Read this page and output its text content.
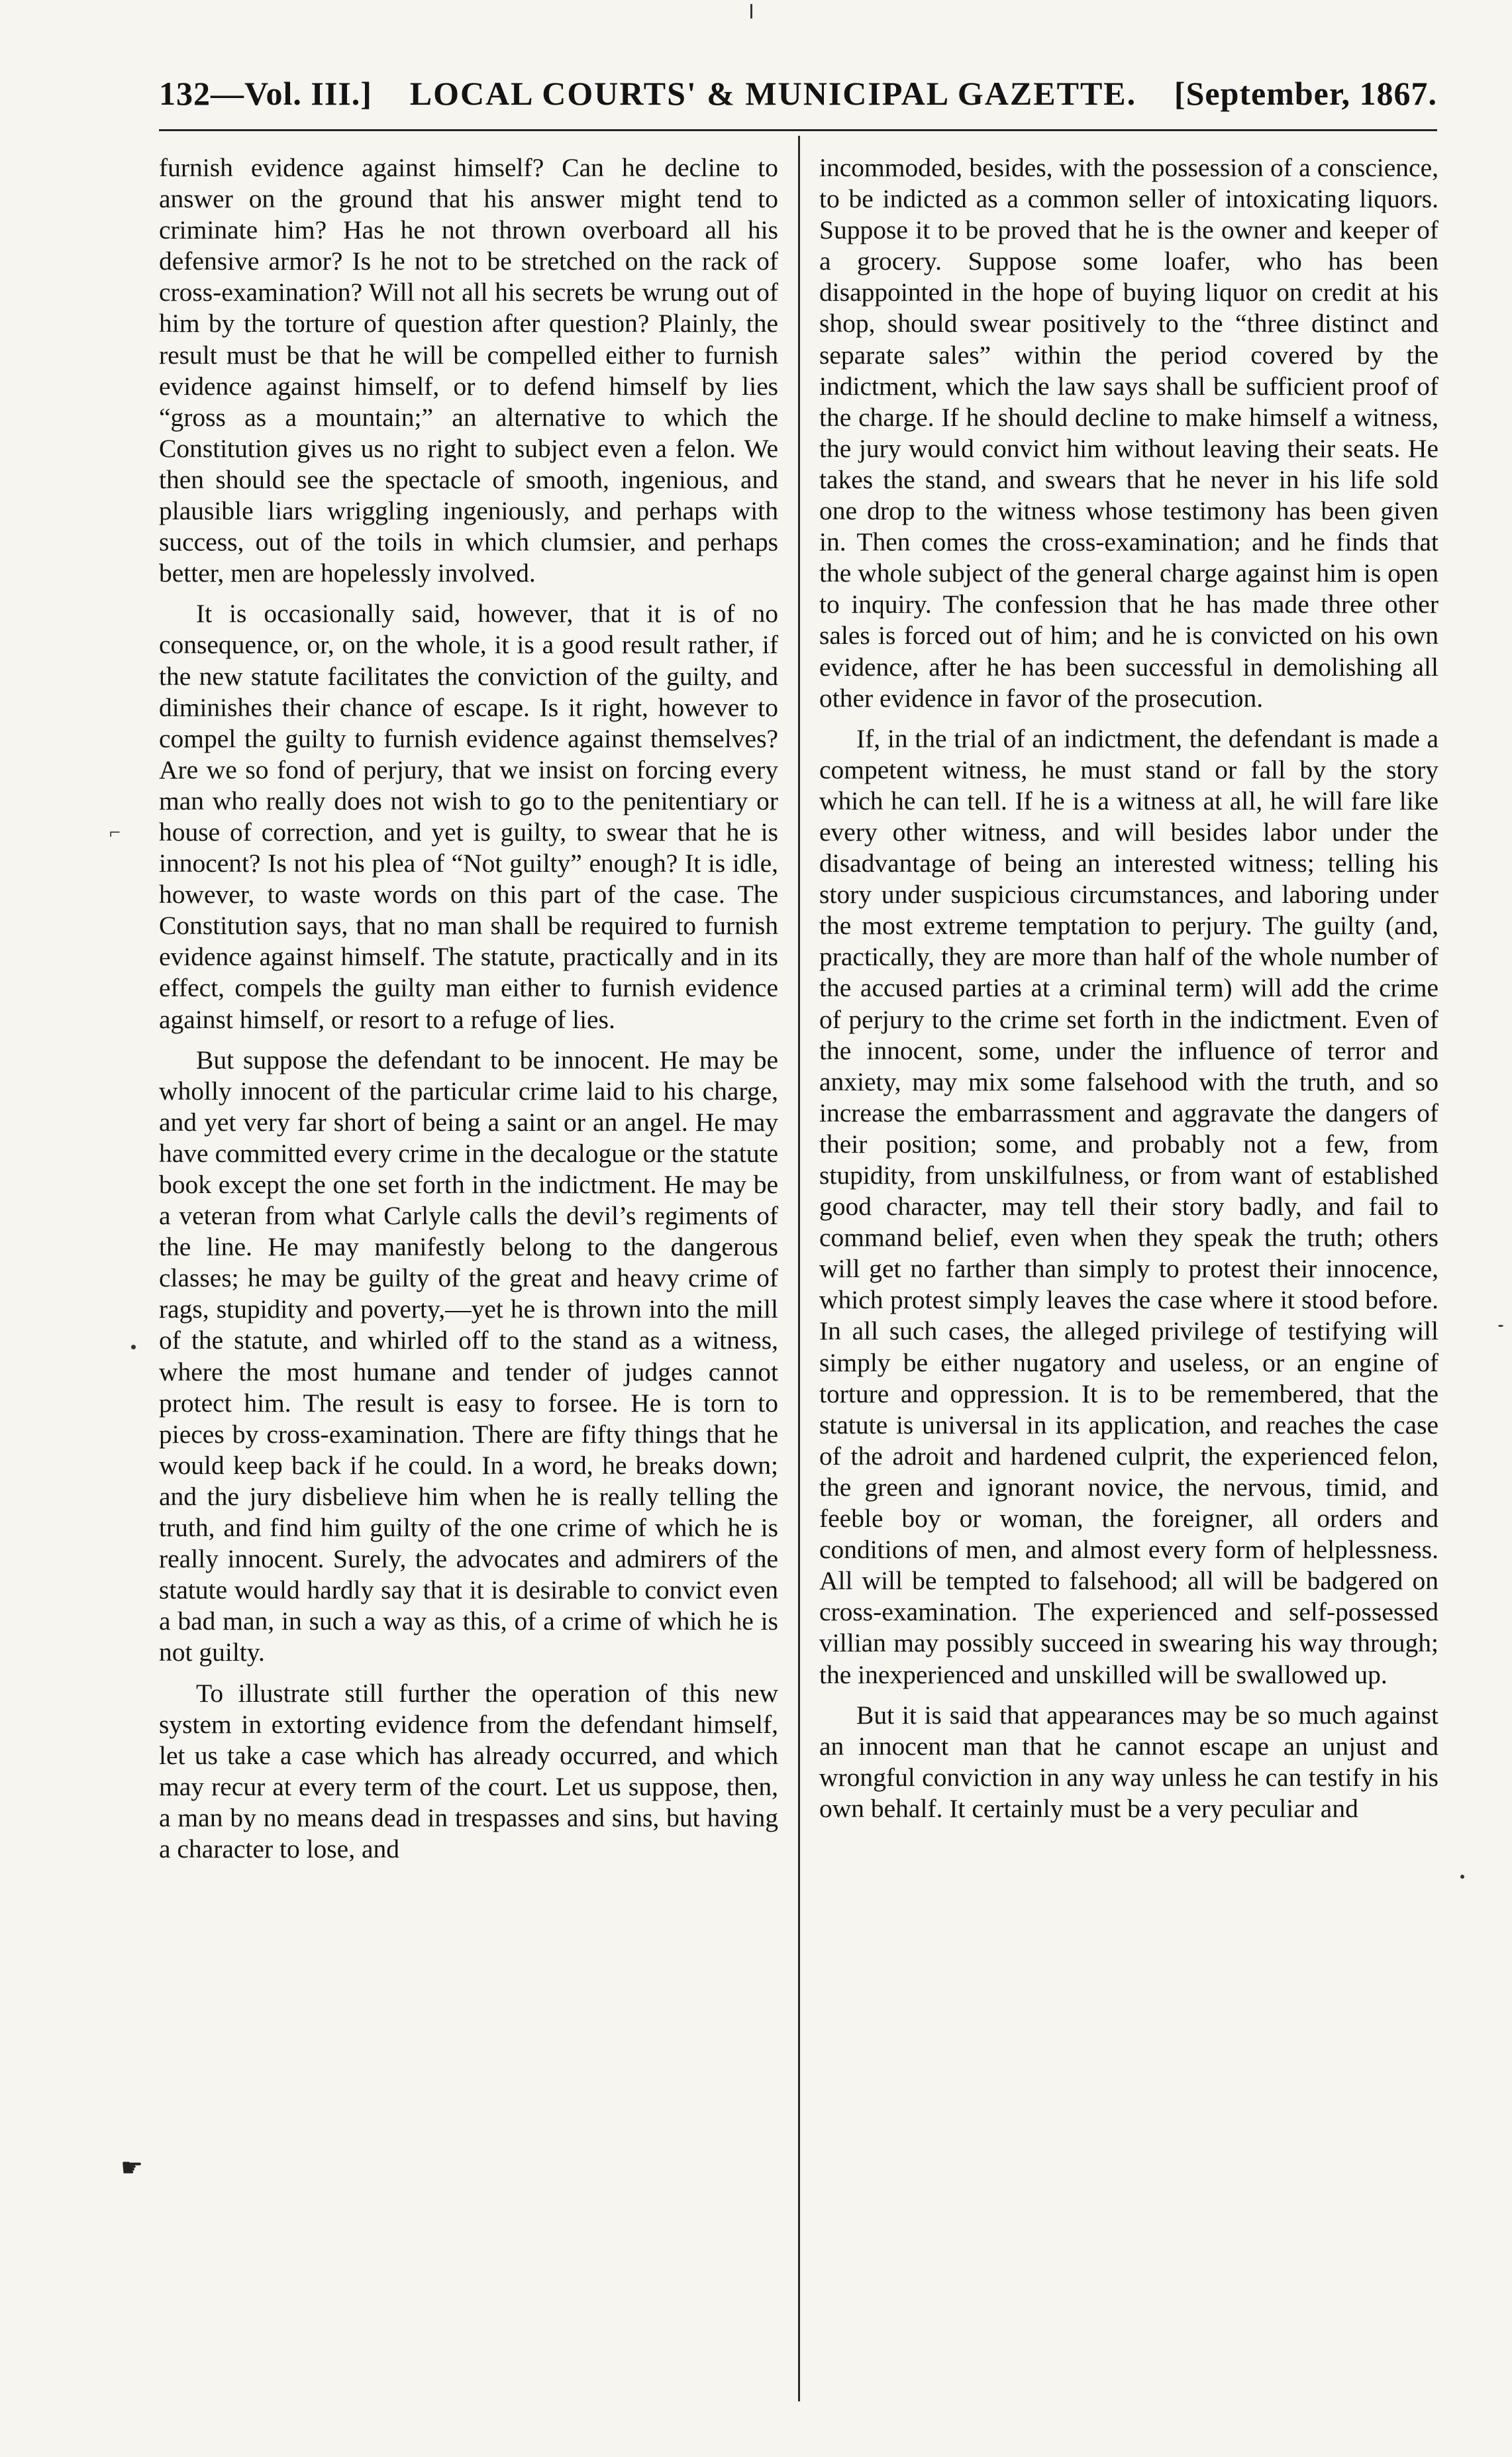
132—Vol. III.] LOCAL COURTS' & MUNICIPAL GAZETTE. [September, 1867.

furnish evidence against himself? Can he decline to answer on the ground that his answer might tend to criminate him? Has he not thrown overboard all his defensive armor? Is he not to be stretched on the rack of cross-examination? Will not all his secrets be wrung out of him by the torture of question after question? Plainly, the result must be that he will be compelled either to furnish evidence against himself, or to defend himself by lies “gross as a mountain;” an alternative to which the Constitution gives us no right to subject even a felon. We then should see the spectacle of smooth, ingenious, and plausible liars wriggling ingeniously, and perhaps with success, out of the toils in which clumsier, and perhaps better, men are hopelessly involved.

It is occasionally said, however, that it is of no consequence, or, on the whole, it is a good result rather, if the new statute facilitates the conviction of the guilty, and diminishes their chance of escape. Is it right, however to compel the guilty to furnish evidence against themselves? Are we so fond of perjury, that we insist on forcing every man who really does not wish to go to the penitentiary or house of correction, and yet is guilty, to swear that he is innocent? Is not his plea of “Not guilty” enough? It is idle, however, to waste words on this part of the case. The Constitution says, that no man shall be required to furnish evidence against himself. The statute, practically and in its effect, compels the guilty man either to furnish evidence against himself, or resort to a refuge of lies.

But suppose the defendant to be innocent. He may be wholly innocent of the particular crime laid to his charge, and yet very far short of being a saint or an angel. He may have committed every crime in the decalogue or the statute book except the one set forth in the indictment. He may be a veteran from what Carlyle calls the devil’s regiments of the line. He may manifestly belong to the dangerous classes; he may be guilty of the great and heavy crime of rags, stupidity and poverty,—yet he is thrown into the mill of the statute, and whirled off to the stand as a witness, where the most humane and tender of judges cannot protect him. The result is easy to forsee. He is torn to pieces by cross-examination. There are fifty things that he would keep back if he could. In a word, he breaks down; and the jury disbelieve him when he is really telling the truth, and find him guilty of the one crime of which he is really innocent. Surely, the advocates and admirers of the statute would hardly say that it is desirable to convict even a bad man, in such a way as this, of a crime of which he is not guilty.

To illustrate still further the operation of this new system in extorting evidence from the defendant himself, let us take a case which has already occurred, and which may recur at every term of the court. Let us suppose, then, a man by no means dead in trespasses and sins, but having a character to lose, and

incommoded, besides, with the possession of a conscience, to be indicted as a common seller of intoxicating liquors. Suppose it to be proved that he is the owner and keeper of a grocery. Suppose some loafer, who has been disappointed in the hope of buying liquor on credit at his shop, should swear positively to the “three distinct and separate sales” within the period covered by the indictment, which the law says shall be sufficient proof of the charge. If he should decline to make himself a witness, the jury would convict him without leaving their seats. He takes the stand, and swears that he never in his life sold one drop to the witness whose testimony has been given in. Then comes the cross-examination; and he finds that the whole subject of the general charge against him is open to inquiry. The confession that he has made three other sales is forced out of him; and he is convicted on his own evidence, after he has been successful in demolishing all other evidence in favor of the prosecution.

If, in the trial of an indictment, the defendant is made a competent witness, he must stand or fall by the story which he can tell. If he is a witness at all, he will fare like every other witness, and will besides labor under the disadvantage of being an interested witness; telling his story under suspicious circumstances, and laboring under the most extreme temptation to perjury. The guilty (and, practically, they are more than half of the whole number of the accused parties at a criminal term) will add the crime of perjury to the crime set forth in the indictment. Even of the innocent, some, under the influence of terror and anxiety, may mix some falsehood with the truth, and so increase the embarrassment and aggravate the dangers of their position; some, and probably not a few, from stupidity, from unskilfulness, or from want of established good character, may tell their story badly, and fail to command belief, even when they speak the truth; others will get no farther than simply to protest their innocence, which protest simply leaves the case where it stood before. In all such cases, the alleged privilege of testifying will simply be either nugatory and useless, or an engine of torture and oppression. It is to be remembered, that the statute is universal in its application, and reaches the case of the adroit and hardened culprit, the experienced felon, the green and ignorant novice, the nervous, timid, and feeble boy or woman, the foreigner, all orders and conditions of men, and almost every form of helplessness. All will be tempted to falsehood; all will be badgered on cross-examination. The experienced and self-possessed villian may possibly succeed in swearing his way through; the inexperienced and unskilled will be swallowed up.

But it is said that appearances may be so much against an innocent man that he cannot escape an unjust and wrongful conviction in any way unless he can testify in his own behalf. It certainly must be a very peculiar and

☛
⌐
